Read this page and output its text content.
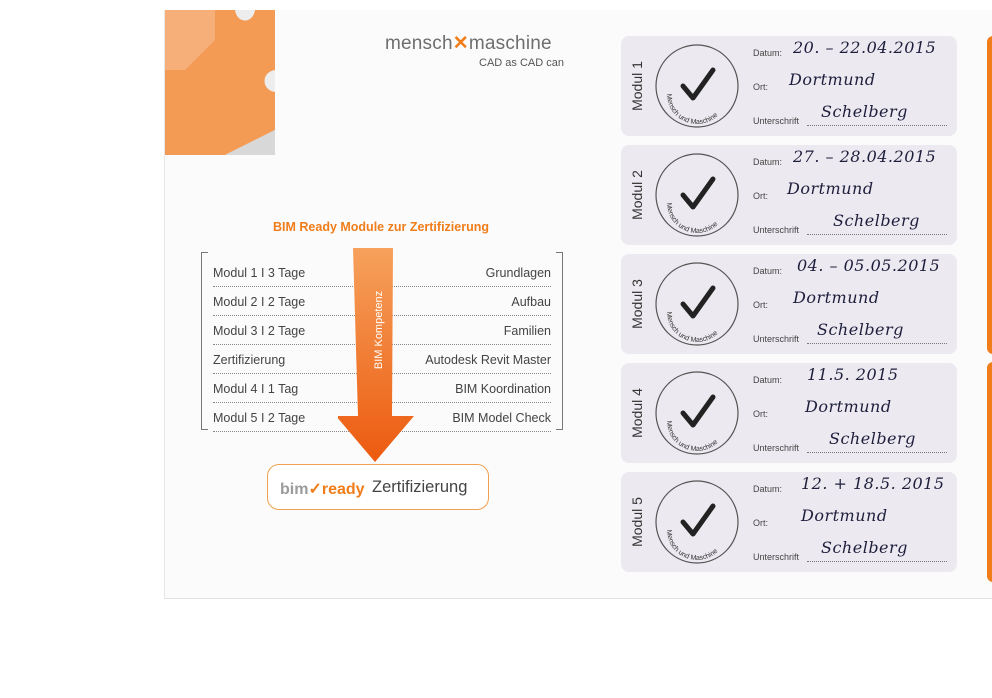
mensch✕maschine
CAD as CAD can
BIM Ready Module zur Zertifizierung
Modul 1 I 3 Tage	Grundlagen
Modul 2 I 2 Tage	Aufbau
Modul 3 I 2 Tage	Familien
Zertifizierung	Autodesk Revit Master
Modul 4 I 1 Tag	BIM Koordination
Modul 5 I 2 Tage	BIM Model Check
BIM Kompetenz
bim✓ready Zertifizierung
Modul 1	Mensch und Maschine
Datum: 20. – 22.04.2015
Ort: Dortmund
Unterschrift Schelberg
Modul 2	Mensch und Maschine
Datum: 27. – 28.04.2015
Ort: Dortmund
Unterschrift Schelberg
Modul 3	Mensch und Maschine
Datum: 04. – 05.05.2015
Ort: Dortmund
Unterschrift Schelberg
Modul 4	Mensch und Maschine
Datum: 11.5. 2015
Ort: Dortmund
Unterschrift Schelberg
Modul 5	Mensch und Maschine
Datum: 12. + 18.5. 2015
Ort: Dortmund
Unterschrift Schelberg
